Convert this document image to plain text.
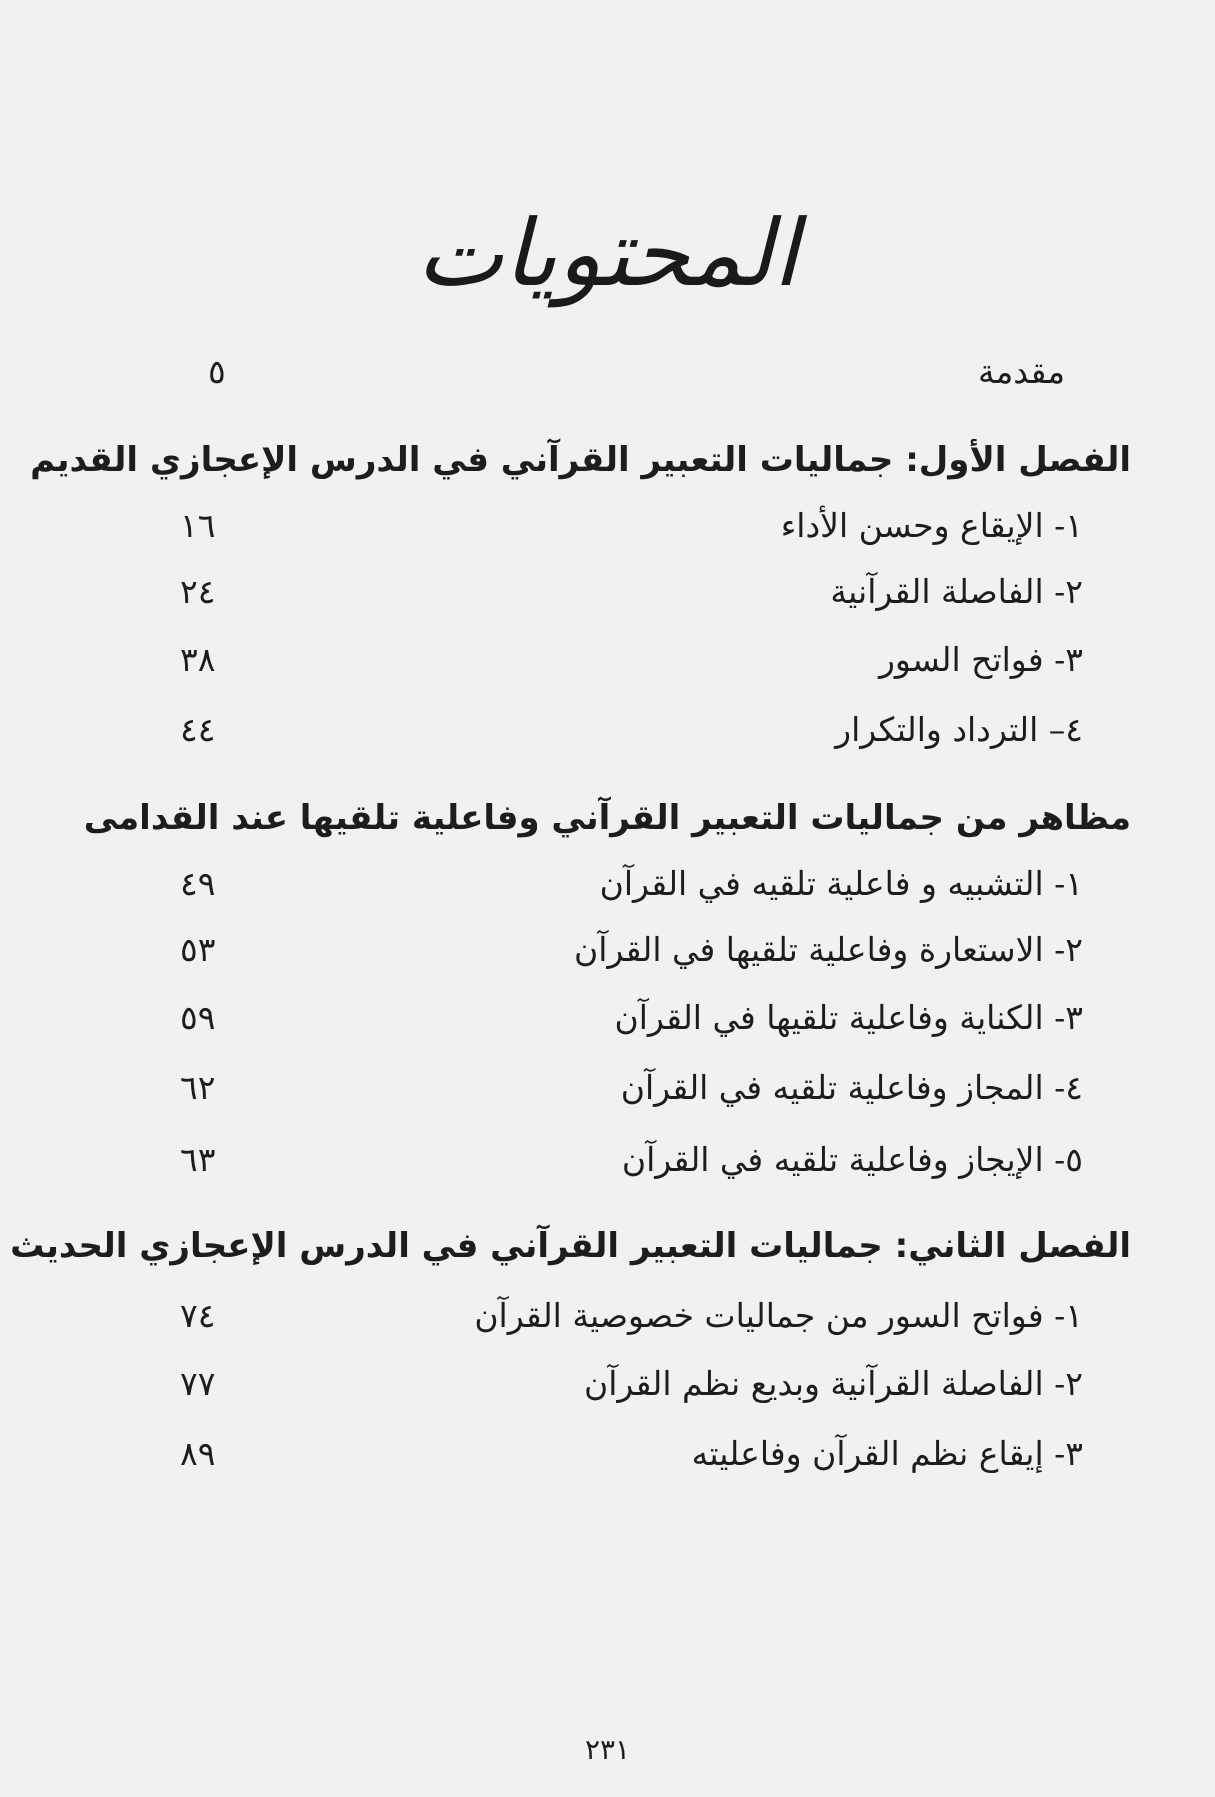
المحتويات
مقدمة
٥
الفصل الأول: جماليات التعبير القرآني في الدرس الإعجازي القديم
١- الإيقاع وحسن الأداء
١٦
٢- الفاصلة القرآنية
٢٤
٣- فواتح السور
٣٨
٤– الترداد والتكرار
٤٤
مظاهر من جماليات التعبير القرآني وفاعلية تلقيها عند القدامى
١- التشبيه و فاعلية تلقيه في القرآن
٤٩
٢- الاستعارة وفاعلية تلقيها في القرآن
٥٣
٣- الكناية وفاعلية تلقيها في القرآن
٥٩
٤- المجاز وفاعلية تلقيه في القرآن
٦٢
٥- الإيجاز وفاعلية تلقيه في القرآن
٦٣
الفصل الثاني: جماليات التعبير القرآني في الدرس الإعجازي الحديث
١- فواتح السور من جماليات خصوصية القرآن
٧٤
٢- الفاصلة القرآنية وبديع نظم القرآن
٧٧
٣- إيقاع نظم القرآن وفاعليته
٨٩
٢٣١
